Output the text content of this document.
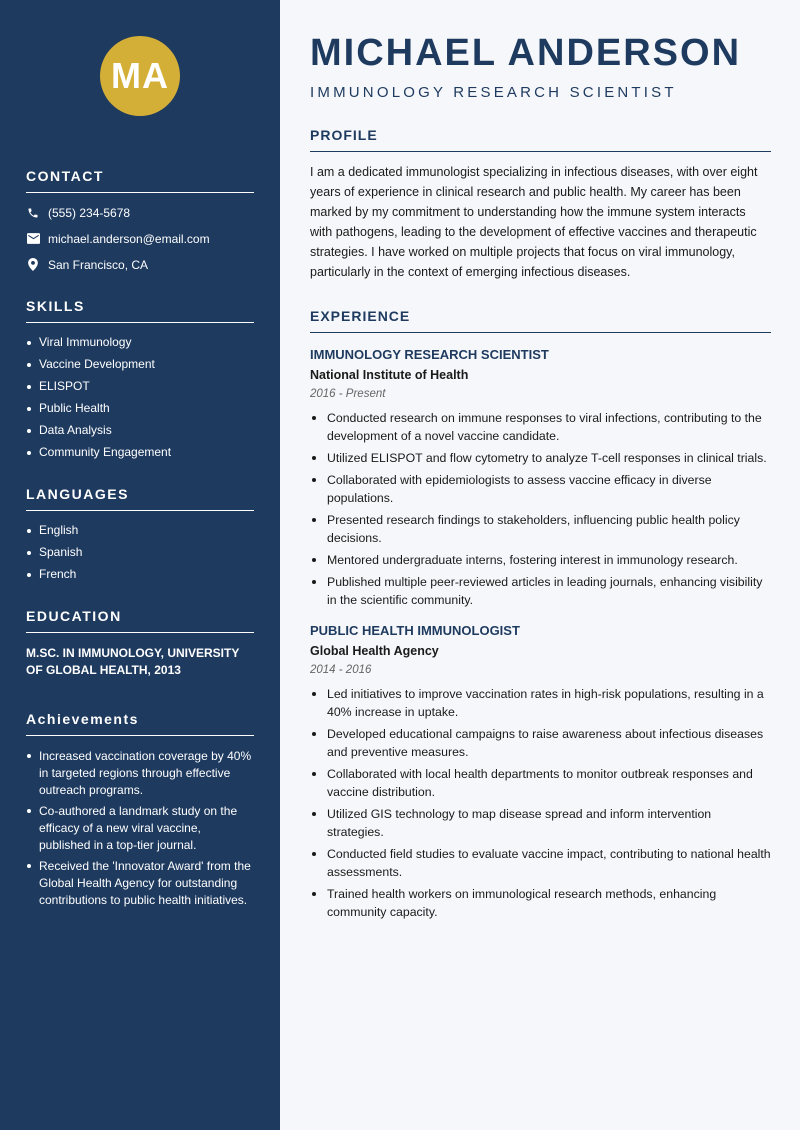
MA
CONTACT
(555) 234-5678
michael.anderson@email.com
San Francisco, CA
SKILLS
Viral Immunology
Vaccine Development
ELISPOT
Public Health
Data Analysis
Community Engagement
LANGUAGES
English
Spanish
French
EDUCATION

M.SC. IN IMMUNOLOGY, UNIVERSITY OF GLOBAL HEALTH, 2013

Achievements
Increased vaccination coverage by 40% in targeted regions through effective outreach programs.
Co-authored a landmark study on the efficacy of a new viral vaccine, published in a top-tier journal.
Received the 'Innovator Award' from the Global Health Agency for outstanding contributions to public health initiatives.
MICHAEL ANDERSON
IMMUNOLOGY RESEARCH SCIENTIST
PROFILE

I am a dedicated immunologist specializing in infectious diseases, with over eight years of experience in clinical research and public health. My career has been marked by my commitment to understanding how the immune system interacts with pathogens, leading to the development of effective vaccines and therapeutic strategies. I have worked on multiple projects that focus on viral immunology, particularly in the context of emerging infectious diseases.

EXPERIENCE
IMMUNOLOGY RESEARCH SCIENTIST
National Institute of Health
2016 - Present
Conducted research on immune responses to viral infections, contributing to the development of a novel vaccine candidate.
Utilized ELISPOT and flow cytometry to analyze T-cell responses in clinical trials.
Collaborated with epidemiologists to assess vaccine efficacy in diverse populations.
Presented research findings to stakeholders, influencing public health policy decisions.
Mentored undergraduate interns, fostering interest in immunology research.
Published multiple peer-reviewed articles in leading journals, enhancing visibility in the scientific community.
PUBLIC HEALTH IMMUNOLOGIST
Global Health Agency
2014 - 2016
Led initiatives to improve vaccination rates in high-risk populations, resulting in a 40% increase in uptake.
Developed educational campaigns to raise awareness about infectious diseases and preventive measures.
Collaborated with local health departments to monitor outbreak responses and vaccine distribution.
Utilized GIS technology to map disease spread and inform intervention strategies.
Conducted field studies to evaluate vaccine impact, contributing to national health assessments.
Trained health workers on immunological research methods, enhancing community capacity.
